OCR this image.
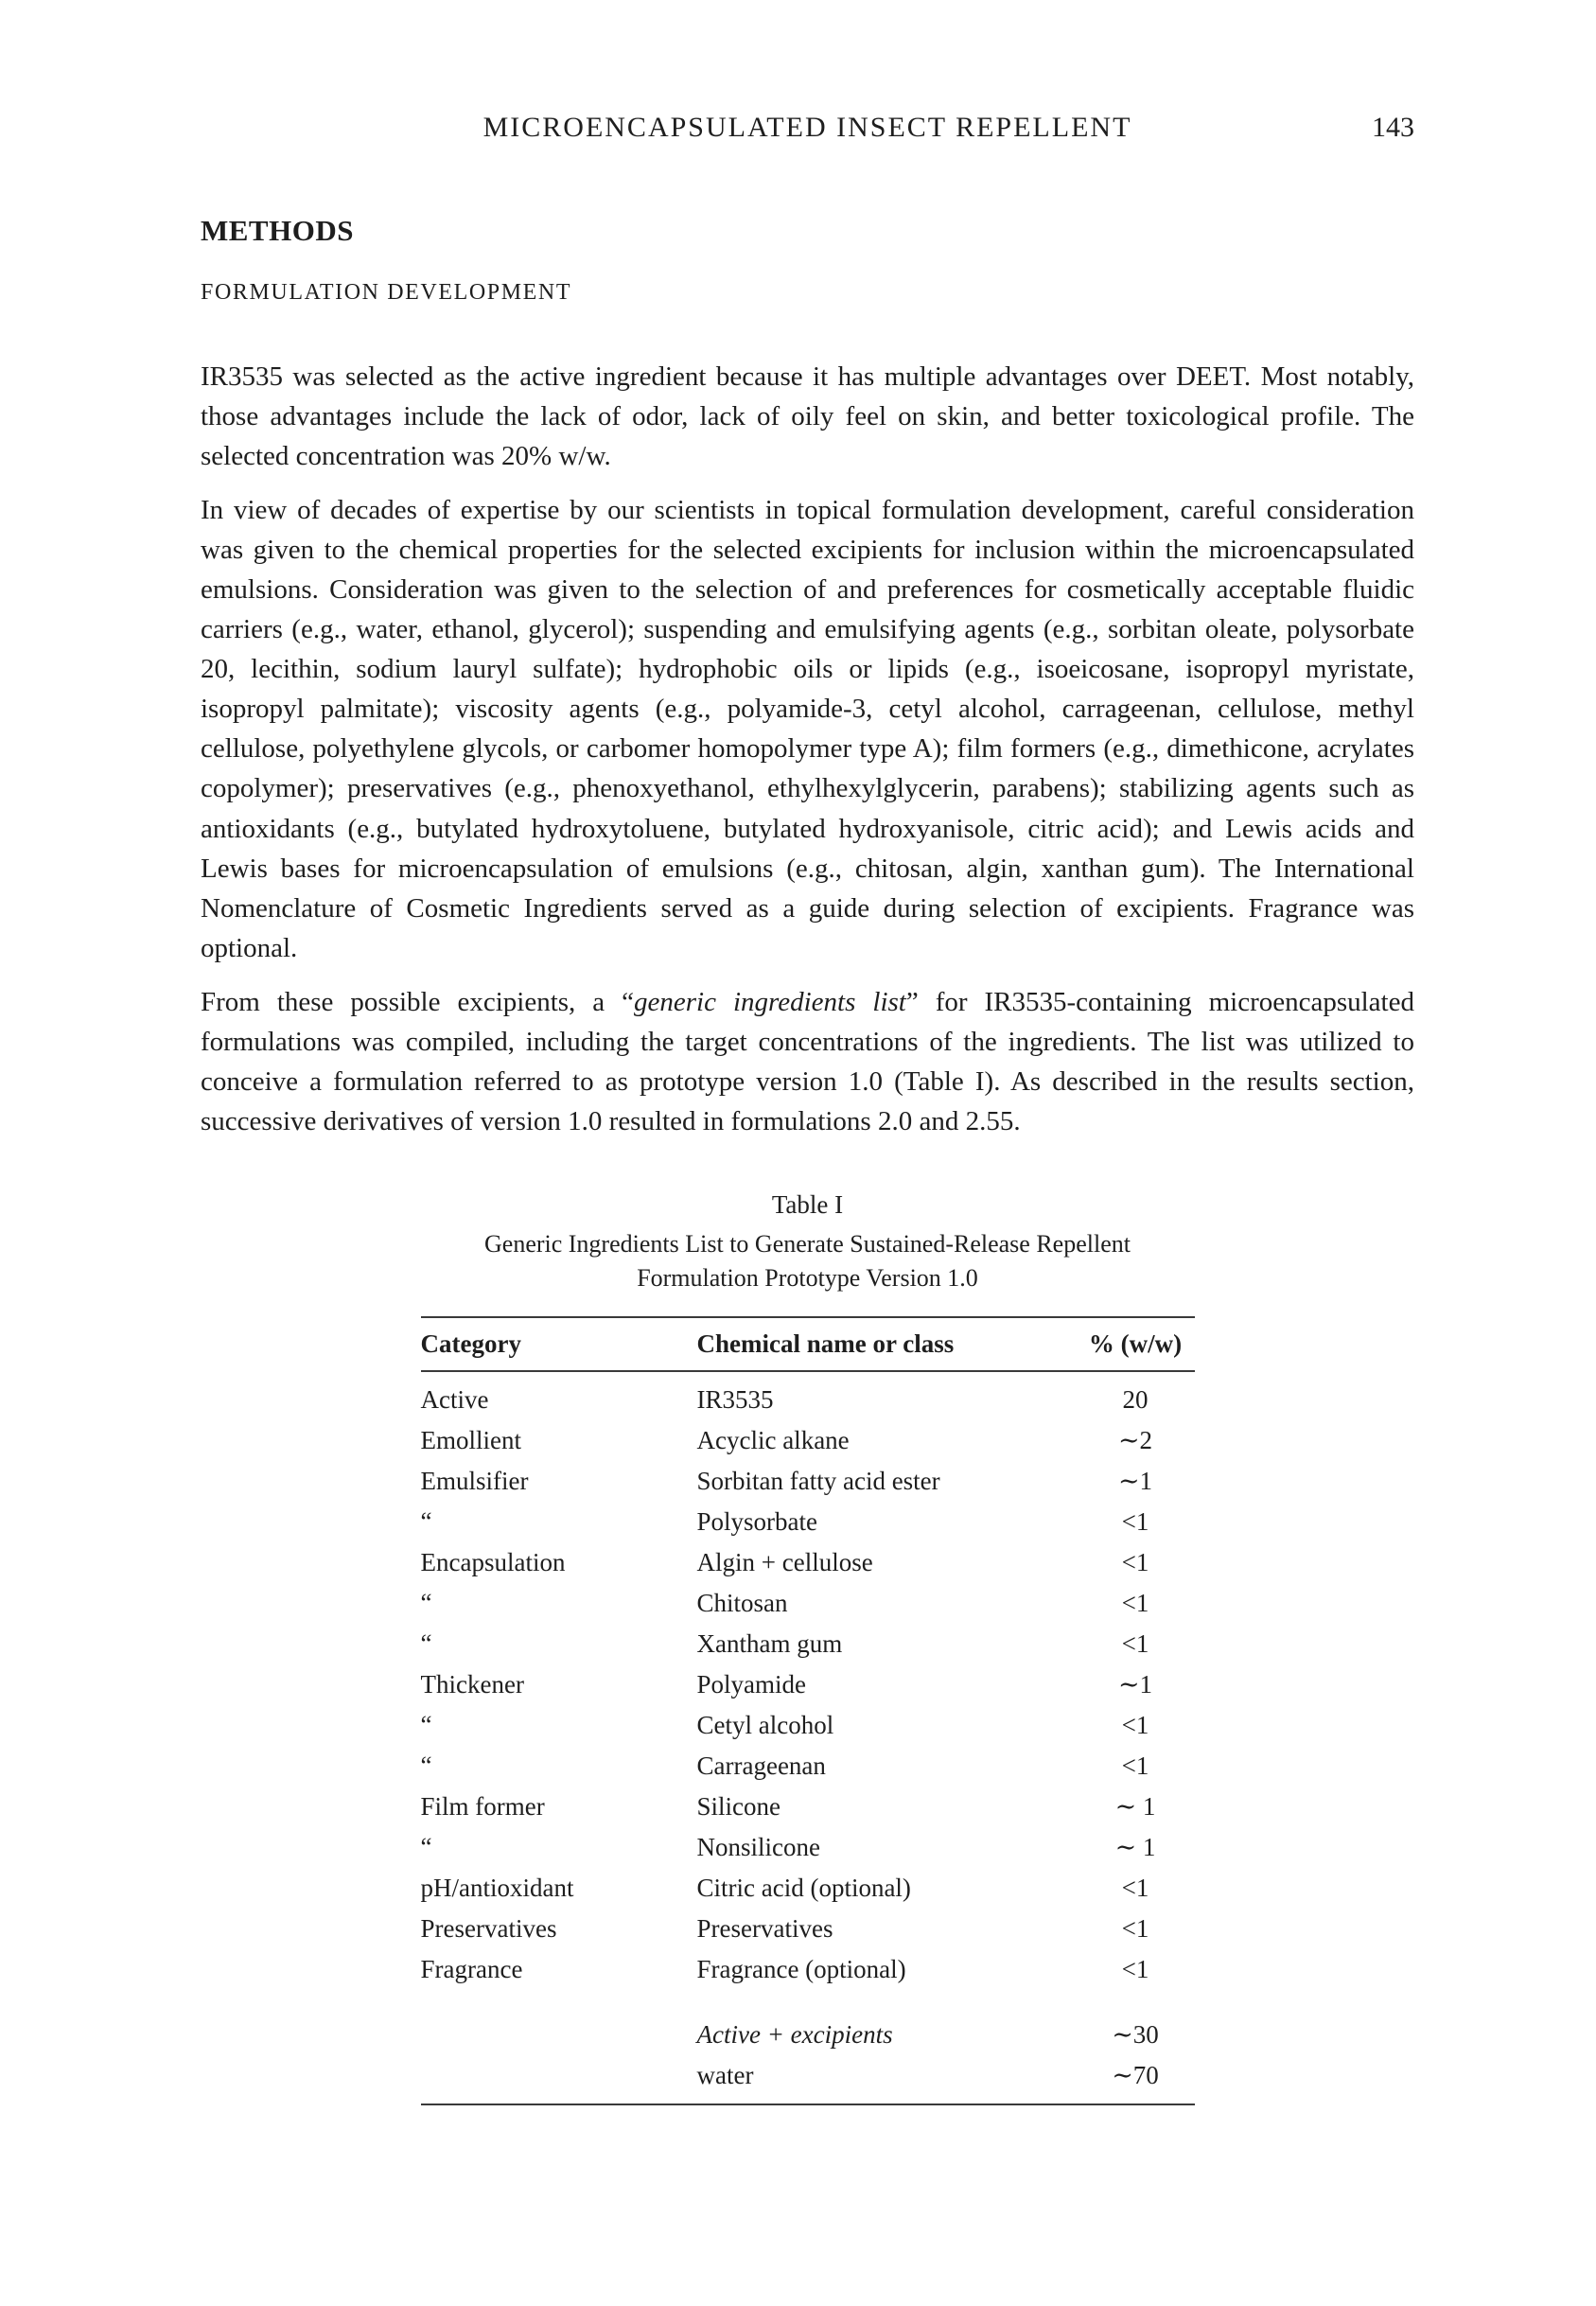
MICROENCAPSULATED INSECT REPELLENT	143
METHODS
FORMULATION DEVELOPMENT

IR3535 was selected as the active ingredient because it has multiple advantages over DEET. Most notably, those advantages include the lack of odor, lack of oily feel on skin, and better toxicological profile. The selected concentration was 20% w/w.

In view of decades of expertise by our scientists in topical formulation development, careful consideration was given to the chemical properties for the selected excipients for inclusion within the microencapsulated emulsions. Consideration was given to the selection of and preferences for cosmetically acceptable fluidic carriers (e.g., water, ethanol, glycerol); suspending and emulsifying agents (e.g., sorbitan oleate, polysorbate 20, lecithin, sodium lauryl sulfate); hydrophobic oils or lipids (e.g., isoeicosane, isopropyl myristate, isopropyl palmitate); viscosity agents (e.g., polyamide-3, cetyl alcohol, carrageenan, cellulose, methyl cellulose, polyethylene glycols, or carbomer homopolymer type A); film formers (e.g., dimethicone, acrylates copolymer); preservatives (e.g., phenoxyethanol, ethylhexylglycerin, parabens); stabilizing agents such as antioxidants (e.g., butylated hydroxytoluene, butylated hydroxyanisole, citric acid); and Lewis acids and Lewis bases for microencapsulation of emulsions (e.g., chitosan, algin, xanthan gum). The International Nomenclature of Cosmetic Ingredients served as a guide during selection of excipients. Fragrance was optional.

From these possible excipients, a “generic ingredients list” for IR3535-containing microencapsulated formulations was compiled, including the target concentrations of the ingredients. The list was utilized to conceive a formulation referred to as prototype version 1.0 (Table I). As described in the results section, successive derivatives of version 1.0 resulted in formulations 2.0 and 2.55.

Table I
Generic Ingredients List to Generate Sustained-Release Repellent
Formulation Prototype Version 1.0
Category	Chemical name or class	% (w/w)
Active	IR3535	20
Emollient	Acyclic alkane	∼2
Emulsifier	Sorbitan fatty acid ester	∼1
“	Polysorbate	<1
Encapsulation	Algin + cellulose	<1
“	Chitosan	<1
“	Xantham gum	<1
Thickener	Polyamide	∼1
“	Cetyl alcohol	<1
“	Carrageenan	<1
Film former	Silicone	∼ 1
“	Nonsilicone	∼ 1
pH/antioxidant	Citric acid (optional)	<1
Preservatives	Preservatives	<1
Fragrance	Fragrance (optional)	<1
	Active + excipients	∼30
	water	∼70
